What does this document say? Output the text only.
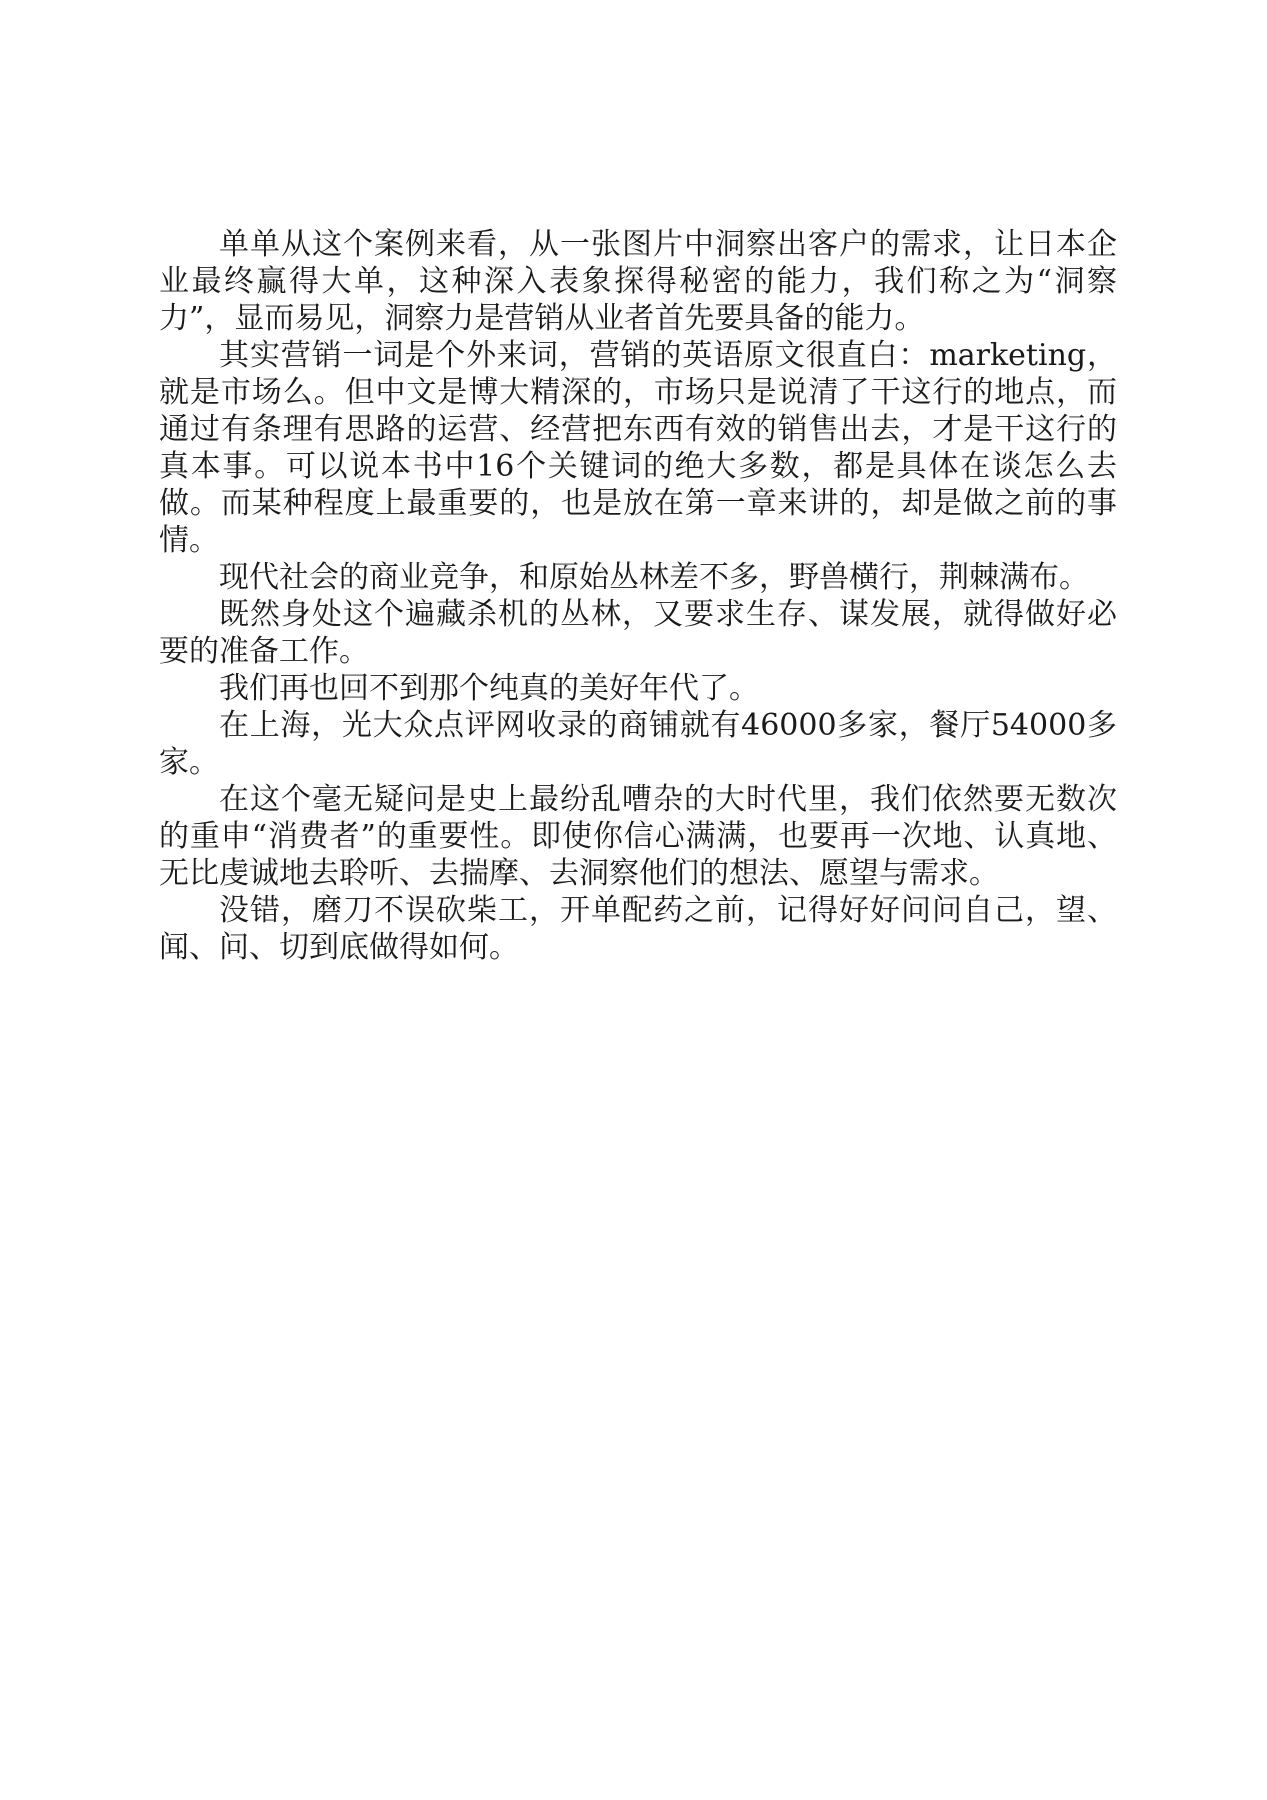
单单从这个案例来看，从一张图片中洞察出客户的需求，让日本企业最终赢得大单，这种深入表象探得秘密的能力，我们称之为“洞察力”，显而易见，洞察力是营销从业者首先要具备的能力。

其实营销一词是个外来词，营销的英语原文很直白：marketing，就是市场么。但中文是博大精深的，市场只是说清了干这行的地点，而通过有条理有思路的运营、经营把东西有效的销售出去，才是干这行的真本事。可以说本书中16个关键词的绝大多数，都是具体在谈怎么去做。而某种程度上最重要的，也是放在第一章来讲的，却是做之前的事情。

现代社会的商业竞争，和原始丛林差不多，野兽横行，荆棘满布。

既然身处这个遍藏杀机的丛林，又要求生存、谋发展，就得做好必要的准备工作。

我们再也回不到那个纯真的美好年代了。

在上海，光大众点评网收录的商铺就有46000多家，餐厅54000多家。

在这个毫无疑问是史上最纷乱嘈杂的大时代里，我们依然要无数次的重申“消费者”的重要性。即使你信心满满，也要再一次地、认真地、无比虔诚地去聆听、去揣摩、去洞察他们的想法、愿望与需求。

没错，磨刀不误砍柴工，开单配药之前，记得好好问问自己，望、闻、问、切到底做得如何。
